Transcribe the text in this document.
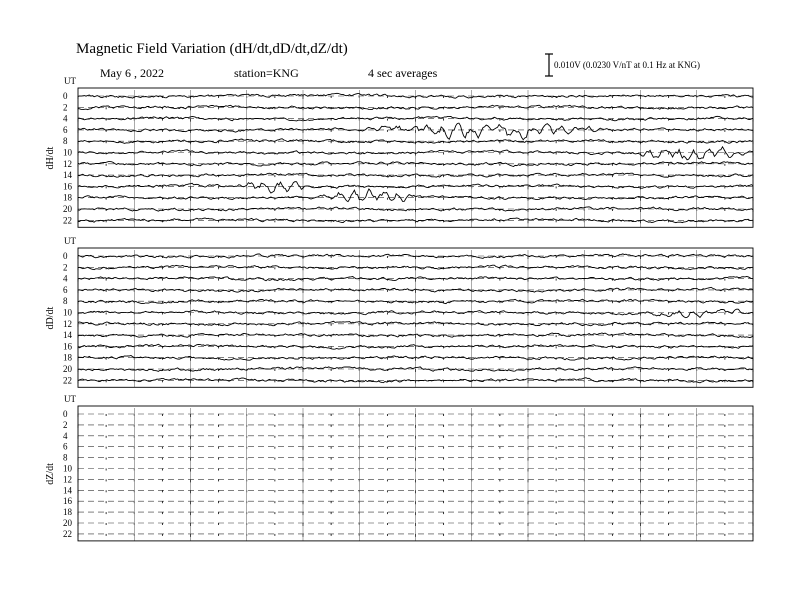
Magnetic Field Variation (dH/dt,dD/dt,dZ/dt)
May 6 , 2022	station=KNG	4 sec averages
0.010V (0.0230 V/nT at 0.1 Hz at KNG)
UT
dH/dt
0
2
4
6
8
10
12
14
16
18
20
22
UT
dD/dt
0
2
4
6
8
10
12
14
16
18
20
22
UT
dZ/dt
0
2
4
6
8
10
12
14
16
18
20
22
